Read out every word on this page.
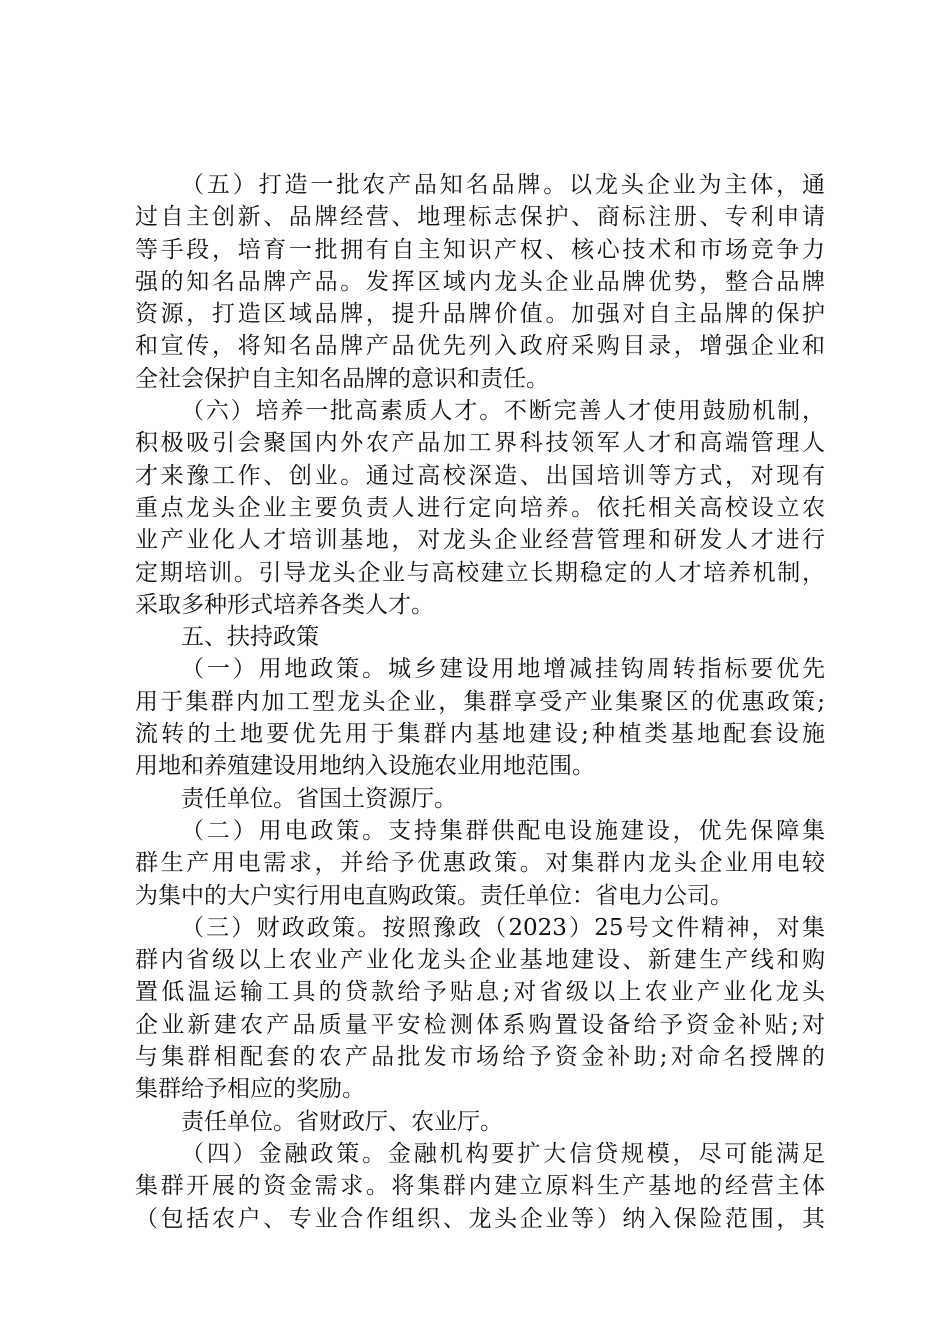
（五）打造一批农产品知名品牌。以龙头企业为主体，通
过自主创新、品牌经营、地理标志保护、商标注册、专利申请
等手段，培育一批拥有自主知识产权、核心技术和市场竞争力
强的知名品牌产品。发挥区域内龙头企业品牌优势，整合品牌
资源，打造区域品牌，提升品牌价值。加强对自主品牌的保护
和宣传，将知名品牌产品优先列入政府采购目录，增强企业和
全社会保护自主知名品牌的意识和责任。
（六）培养一批高素质人才。不断完善人才使用鼓励机制，
积极吸引会聚国内外农产品加工界科技领军人才和高端管理人
才来豫工作、创业。通过高校深造、出国培训等方式，对现有
重点龙头企业主要负责人进行定向培养。依托相关高校设立农
业产业化人才培训基地，对龙头企业经营管理和研发人才进行
定期培训。引导龙头企业与高校建立长期稳定的人才培养机制，
采取多种形式培养各类人才。
五、扶持政策
（一）用地政策。城乡建设用地增减挂钩周转指标要优先
用于集群内加工型龙头企业，集群享受产业集聚区的优惠政策;
流转的土地要优先用于集群内基地建设;种植类基地配套设施
用地和养殖建设用地纳入设施农业用地范围。
责任单位。省国土资源厅。
（二）用电政策。支持集群供配电设施建设，优先保障集
群生产用电需求，并给予优惠政策。对集群内龙头企业用电较
为集中的大户实行用电直购政策。责任单位：省电力公司。
（三）财政政策。按照豫政（2023）25号文件精神，对集
群内省级以上农业产业化龙头企业基地建设、新建生产线和购
置低温运输工具的贷款给予贴息;对省级以上农业产业化龙头
企业新建农产品质量平安检测体系购置设备给予资金补贴;对
与集群相配套的农产品批发市场给予资金补助;对命名授牌的
集群给予相应的奖励。
责任单位。省财政厅、农业厅。
（四）金融政策。金融机构要扩大信贷规模，尽可能满足
集群开展的资金需求。将集群内建立原料生产基地的经营主体
（包括农户、专业合作组织、龙头企业等）纳入保险范围，其
